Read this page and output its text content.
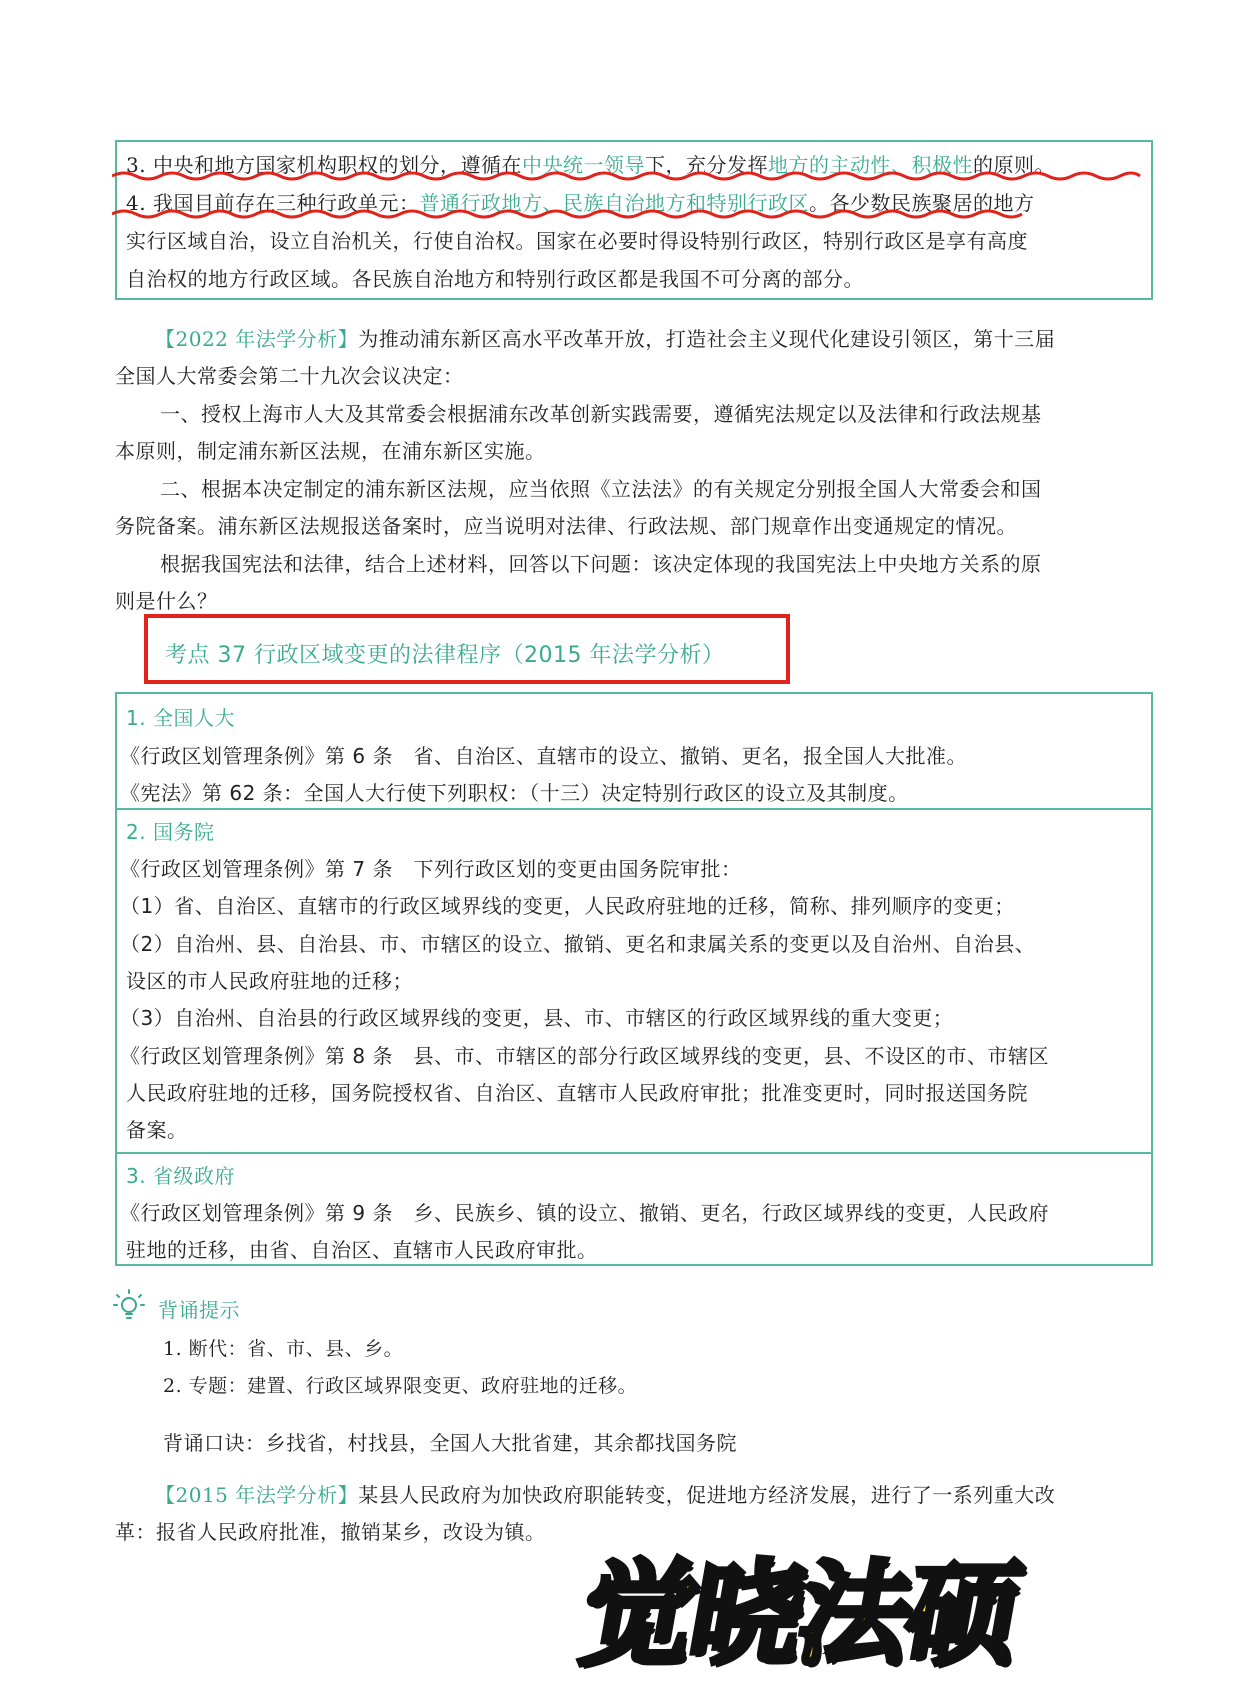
3. 中央和地方国家机构职权的划分，遵循在中央统一领导下，充分发挥地方的主动性、积极性的原则。
4. 我国目前存在三种行政单元：普通行政地方、民族自治地方和特别行政区。各少数民族聚居的地方
实行区域自治，设立自治机关，行使自治权。国家在必要时得设特别行政区，特别行政区是享有高度
自治权的地方行政区域。各民族自治地方和特别行政区都是我国不可分离的部分。
【2022 年法学分析】为推动浦东新区高水平改革开放，打造社会主义现代化建设引领区，第十三届
全国人大常委会第二十九次会议决定：
一、授权上海市人大及其常委会根据浦东改革创新实践需要，遵循宪法规定以及法律和行政法规基
本原则，制定浦东新区法规，在浦东新区实施。
二、根据本决定制定的浦东新区法规，应当依照《立法法》的有关规定分别报全国人大常委会和国
务院备案。浦东新区法规报送备案时，应当说明对法律、行政法规、部门规章作出变通规定的情况。
根据我国宪法和法律，结合上述材料，回答以下问题：该决定体现的我国宪法上中央地方关系的原
则是什么？
考点 37 行政区域变更的法律程序（2015 年法学分析）
1. 全国人大
《行政区划管理条例》第 6 条　省、自治区、直辖市的设立、撤销、更名，报全国人大批准。
《宪法》第 62 条：全国人大行使下列职权：（十三）决定特别行政区的设立及其制度。
2. 国务院
《行政区划管理条例》第 7 条　下列行政区划的变更由国务院审批：
（1）省、自治区、直辖市的行政区域界线的变更，人民政府驻地的迁移，简称、排列顺序的变更；
（2）自治州、县、自治县、市、市辖区的设立、撤销、更名和隶属关系的变更以及自治州、自治县、
设区的市人民政府驻地的迁移；
（3）自治州、自治县的行政区域界线的变更，县、市、市辖区的行政区域界线的重大变更；
《行政区划管理条例》第 8 条　县、市、市辖区的部分行政区域界线的变更，县、不设区的市、市辖区
人民政府驻地的迁移，国务院授权省、自治区、直辖市人民政府审批；批准变更时，同时报送国务院
备案。
3. 省级政府
《行政区划管理条例》第 9 条　乡、民族乡、镇的设立、撤销、更名，行政区域界线的变更，人民政府
驻地的迁移，由省、自治区、直辖市人民政府审批。
背诵提示
1. 断代：省、市、县、乡。
2. 专题：建置、行政区域界限变更、政府驻地的迁移。
背诵口诀：乡找省，村找县，全国人大批省建，其余都找国务院
【2015 年法学分析】某县人民政府为加快政府职能转变，促进地方经济发展，进行了一系列重大改
革：报省人民政府批准，撤销某乡，改设为镇。
觉晓法硕
